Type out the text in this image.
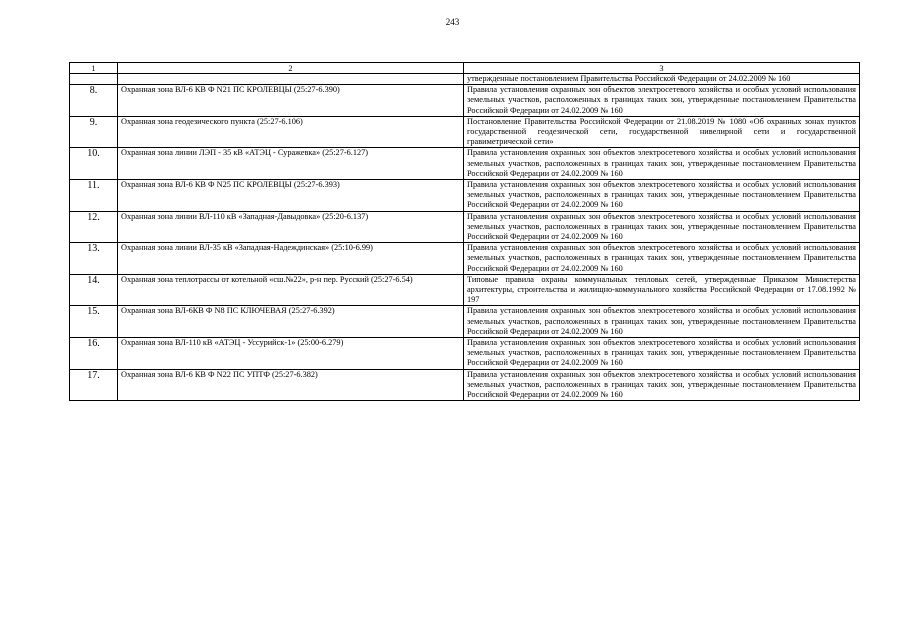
243
1	2	3
		утвержденные постановлением Правительства Российской Федерации от 24.02.2009 № 160
8.	Охранная зона ВЛ-6 КВ Ф N21 ПС КРОЛЕВЦЫ (25:27-6.390)	Правила установления охранных зон объектов электросетевого хозяйства и особых условий использования земельных участков, расположенных в границах таких зон, утвержденные постановлением Правительства Российской Федерации от 24.02.2009 № 160
9.	Охранная зона геодезического пункта (25:27-6.106)	Постановление Правительства Российской Федерации от 21.08.2019 № 1080 «Об охранных зонах пунктов государственной геодезической сети, государственной нивелирной сети и государственной гравиметрической сети»
10.	Охранная зона линии ЛЭП - 35 кВ «АТЭЦ - Суражевка» (25:27-6.127)	Правила установления охранных зон объектов электросетевого хозяйства и особых условий использования земельных участков, расположенных в границах таких зон, утвержденные постановлением Правительства Российской Федерации от 24.02.2009 № 160
11.	Охранная зона ВЛ-6 КВ Ф N25 ПС КРОЛЕВЦЫ (25:27-6.393)	Правила установления охранных зон объектов электросетевого хозяйства и особых условий использования земельных участков, расположенных в границах таких зон, утвержденные постановлением Правительства Российской Федерации от 24.02.2009 № 160
12.	Охранная зона линии ВЛ-110 кВ «Западная-Давыдовка» (25:20-6.137)	Правила установления охранных зон объектов электросетевого хозяйства и особых условий использования земельных участков, расположенных в границах таких зон, утвержденные постановлением Правительства Российской Федерации от 24.02.2009 № 160
13.	Охранная зона линии ВЛ-35 кВ «Западная-Надеждинская» (25:10-6.99)	Правила установления охранных зон объектов электросетевого хозяйства и особых условий использования земельных участков, расположенных в границах таких зон, утвержденные постановлением Правительства Российской Федерации от 24.02.2009 № 160
14.	Охранная зона теплотрассы от котельной «сш.№22», р-н пер. Русский (25:27-6.54)	Типовые правила охраны коммунальных тепловых сетей, утвержденные Приказом Министерства архитектуры, строительства и жилищно-коммунального хозяйства Российской Федерации от 17.08.1992 № 197
15.	Охранная зона ВЛ-6КВ Ф N8 ПС КЛЮЧЕВАЯ (25:27-6.392)	Правила установления охранных зон объектов электросетевого хозяйства и особых условий использования земельных участков, расположенных в границах таких зон, утвержденные постановлением Правительства Российской Федерации от 24.02.2009 № 160
16.	Охранная зона ВЛ-110 кВ «АТЭЦ - Уссурийск-1» (25:00-6.279)	Правила установления охранных зон объектов электросетевого хозяйства и особых условий использования земельных участков, расположенных в границах таких зон, утвержденные постановлением Правительства Российской Федерации от 24.02.2009 № 160
17.	Охранная зона ВЛ-6 КВ Ф N22 ПС УПТФ (25:27-6.382)	Правила установления охранных зон объектов электросетевого хозяйства и особых условий использования земельных участков, расположенных в границах таких зон, утвержденные постановлением Правительства Российской Федерации от 24.02.2009 № 160
